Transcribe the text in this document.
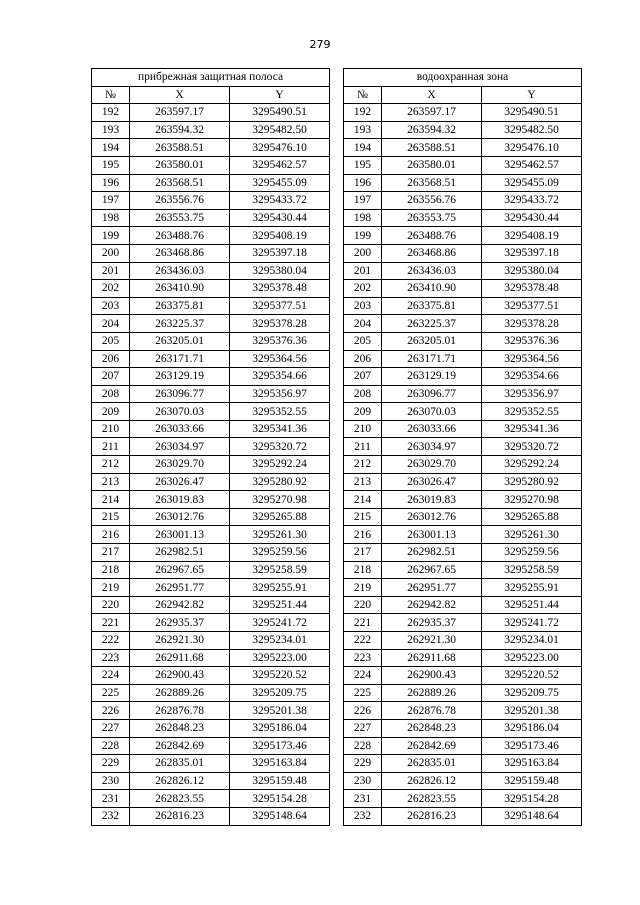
279
прибрежная защитная полоса				водоохранная зона		
№	X	Y		№	X	Y
192	263597.17	3295490.51		192	263597.17	3295490.51
193	263594.32	3295482.50		193	263594.32	3295482.50
194	263588.51	3295476.10		194	263588.51	3295476.10
195	263580.01	3295462.57		195	263580.01	3295462.57
196	263568.51	3295455.09		196	263568.51	3295455.09
197	263556.76	3295433.72		197	263556.76	3295433.72
198	263553.75	3295430.44		198	263553.75	3295430.44
199	263488.76	3295408.19		199	263488.76	3295408.19
200	263468.86	3295397.18		200	263468.86	3295397.18
201	263436.03	3295380.04		201	263436.03	3295380.04
202	263410.90	3295378.48		202	263410.90	3295378.48
203	263375.81	3295377.51		203	263375.81	3295377.51
204	263225.37	3295378.28		204	263225.37	3295378.28
205	263205.01	3295376.36		205	263205.01	3295376.36
206	263171.71	3295364.56		206	263171.71	3295364.56
207	263129.19	3295354.66		207	263129.19	3295354.66
208	263096.77	3295356.97		208	263096.77	3295356.97
209	263070.03	3295352.55		209	263070.03	3295352.55
210	263033.66	3295341.36		210	263033.66	3295341.36
211	263034.97	3295320.72		211	263034.97	3295320.72
212	263029.70	3295292.24		212	263029.70	3295292.24
213	263026.47	3295280.92		213	263026.47	3295280.92
214	263019.83	3295270.98		214	263019.83	3295270.98
215	263012.76	3295265.88		215	263012.76	3295265.88
216	263001.13	3295261.30		216	263001.13	3295261.30
217	262982.51	3295259.56		217	262982.51	3295259.56
218	262967.65	3295258.59		218	262967.65	3295258.59
219	262951.77	3295255.91		219	262951.77	3295255.91
220	262942.82	3295251.44		220	262942.82	3295251.44
221	262935.37	3295241.72		221	262935.37	3295241.72
222	262921.30	3295234.01		222	262921.30	3295234.01
223	262911.68	3295223.00		223	262911.68	3295223.00
224	262900.43	3295220.52		224	262900.43	3295220.52
225	262889.26	3295209.75		225	262889.26	3295209.75
226	262876.78	3295201.38		226	262876.78	3295201.38
227	262848.23	3295186.04		227	262848.23	3295186.04
228	262842.69	3295173.46		228	262842.69	3295173.46
229	262835.01	3295163.84		229	262835.01	3295163.84
230	262826.12	3295159.48		230	262826.12	3295159.48
231	262823.55	3295154.28		231	262823.55	3295154.28
232	262816.23	3295148.64		232	262816.23	3295148.64
